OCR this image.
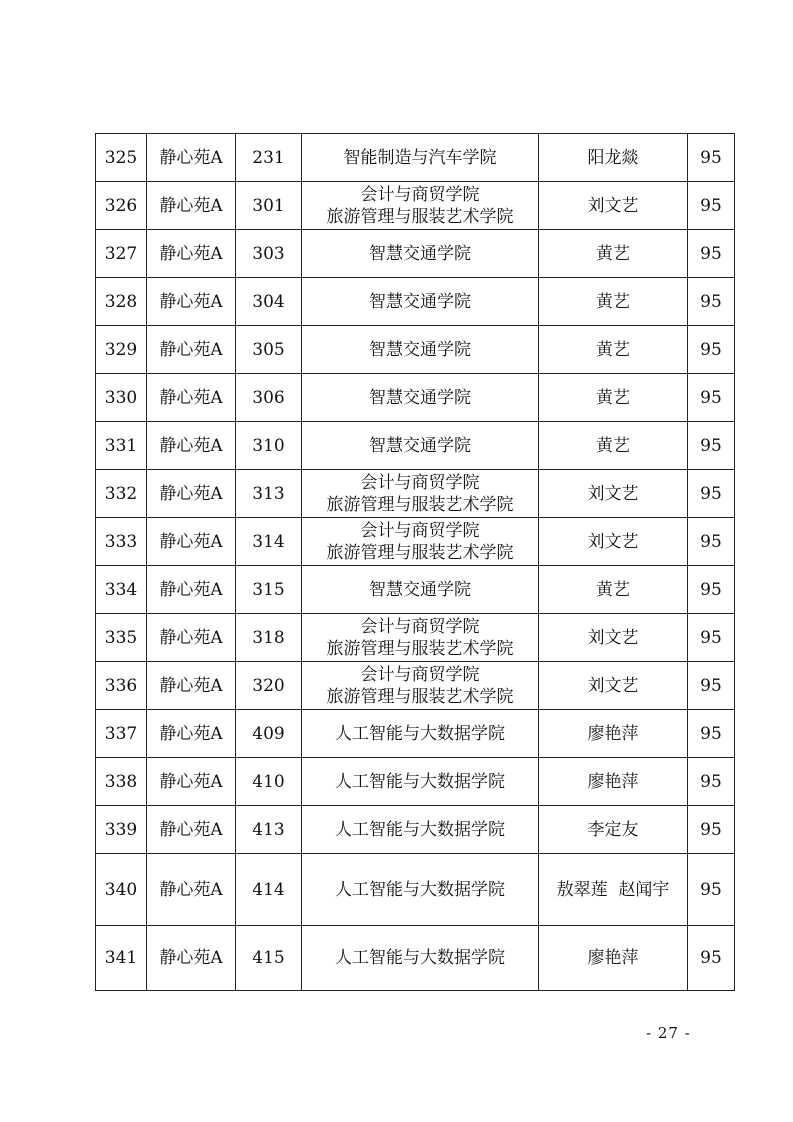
325	静心苑A	231	智能制造与汽车学院	阳龙燚	95
326	静心苑A	301	会计与商贸学院
旅游管理与服装艺术学院	刘文艺	95
327	静心苑A	303	智慧交通学院	黄艺	95
328	静心苑A	304	智慧交通学院	黄艺	95
329	静心苑A	305	智慧交通学院	黄艺	95
330	静心苑A	306	智慧交通学院	黄艺	95
331	静心苑A	310	智慧交通学院	黄艺	95
332	静心苑A	313	会计与商贸学院
旅游管理与服装艺术学院	刘文艺	95
333	静心苑A	314	会计与商贸学院
旅游管理与服装艺术学院	刘文艺	95
334	静心苑A	315	智慧交通学院	黄艺	95
335	静心苑A	318	会计与商贸学院
旅游管理与服装艺术学院	刘文艺	95
336	静心苑A	320	会计与商贸学院
旅游管理与服装艺术学院	刘文艺	95
337	静心苑A	409	人工智能与大数据学院	廖艳萍	95
338	静心苑A	410	人工智能与大数据学院	廖艳萍	95
339	静心苑A	413	人工智能与大数据学院	李定友	95
340	静心苑A	414	人工智能与大数据学院	敖翠莲  赵闻宇	95
341	静心苑A	415	人工智能与大数据学院	廖艳萍	95
- 27 -
